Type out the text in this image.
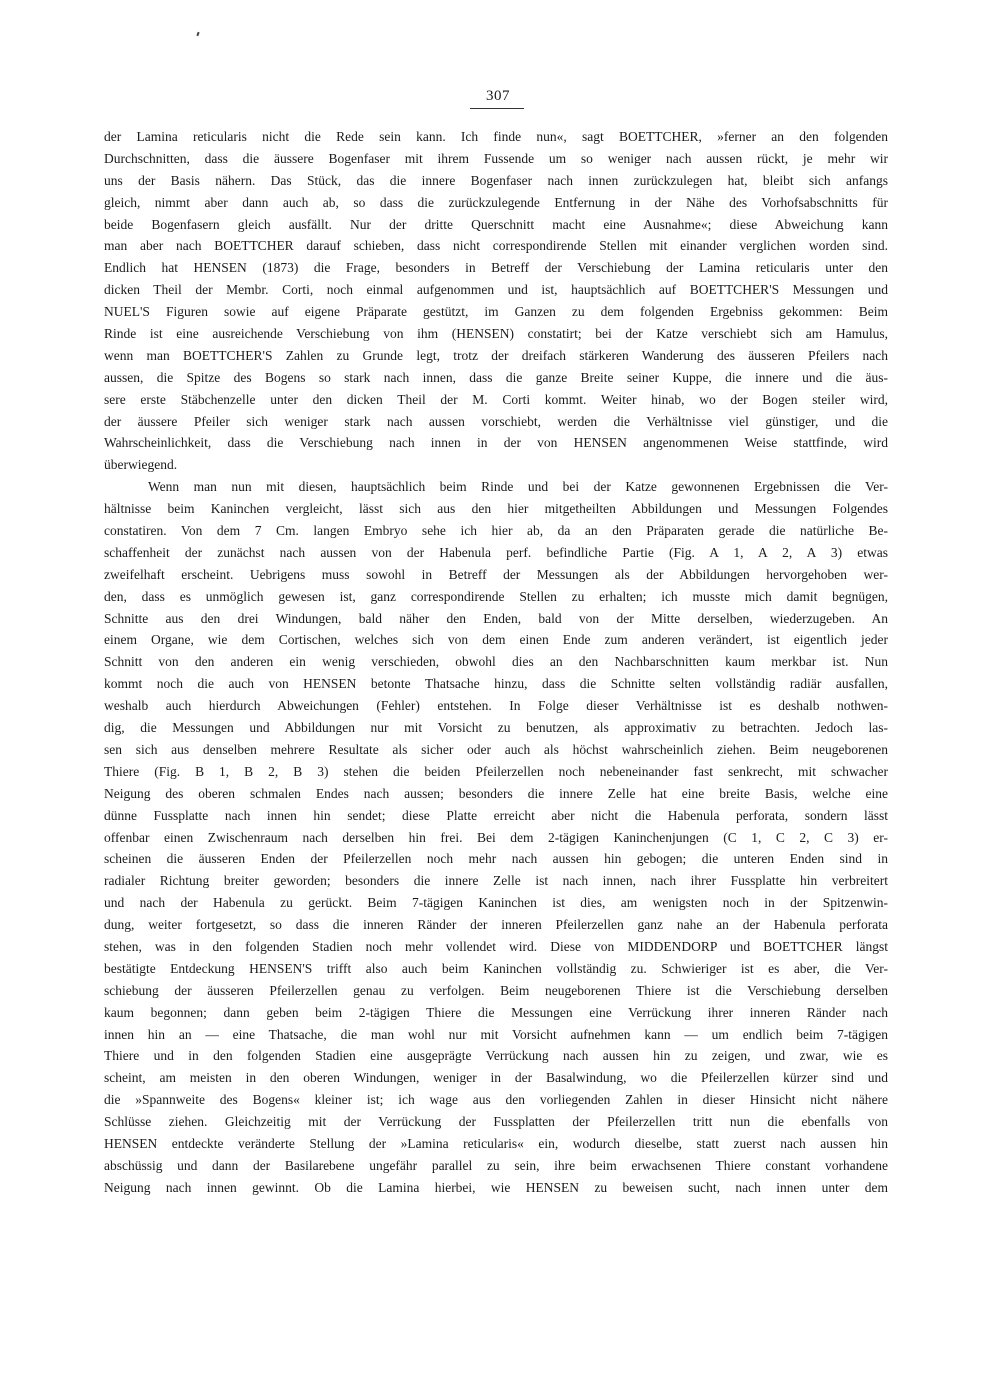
307
der Lamina reticularis nicht die Rede sein kann. Ich finde nun«, sagt BOETTCHER, »ferner an den folgenden
Durchschnitten, dass die äussere Bogenfaser mit ihrem Fussende um so weniger nach aussen rückt, je mehr wir
uns der Basis nähern. Das Stück, das die innere Bogenfaser nach innen zurückzulegen hat, bleibt sich anfangs
gleich, nimmt aber dann auch ab, so dass die zurückzulegende Entfernung in der Nähe des Vorhofsabschnitts für
beide Bogenfasern gleich ausfällt. Nur der dritte Querschnitt macht eine Ausnahme«; diese Abweichung kann
man aber nach BOETTCHER darauf schieben, dass nicht correspondirende Stellen mit einander verglichen worden sind.
Endlich hat HENSEN (1873) die Frage, besonders in Betreff der Verschiebung der Lamina reticularis unter den
dicken Theil der Membr. Corti, noch einmal aufgenommen und ist, hauptsächlich auf BOETTCHER'S Messungen und
NUEL'S Figuren sowie auf eigene Präparate gestützt, im Ganzen zu dem folgenden Ergebniss gekommen: Beim
Rinde ist eine ausreichende Verschiebung von ihm (HENSEN) constatirt; bei der Katze verschiebt sich am Hamulus,
wenn man BOETTCHER'S Zahlen zu Grunde legt, trotz der dreifach stärkeren Wanderung des äusseren Pfeilers nach
aussen, die Spitze des Bogens so stark nach innen, dass die ganze Breite seiner Kuppe, die innere und die äus-
sere erste Stäbchenzelle unter den dicken Theil der M. Corti kommt. Weiter hinab, wo der Bogen steiler wird,
der äussere Pfeiler sich weniger stark nach aussen vorschiebt, werden die Verhältnisse viel günstiger, und die
Wahrscheinlichkeit, dass die Verschiebung nach innen in der von HENSEN angenommenen Weise stattfinde, wird
überwiegend.
Wenn man nun mit diesen, hauptsächlich beim Rinde und bei der Katze gewonnenen Ergebnissen die Ver-
hältnisse beim Kaninchen vergleicht, lässt sich aus den hier mitgetheilten Abbildungen und Messungen Folgendes
constatiren. Von dem 7 Cm. langen Embryo sehe ich hier ab, da an den Präparaten gerade die natürliche Be-
schaffenheit der zunächst nach aussen von der Habenula perf. befindliche Partie (Fig. A 1, A 2, A 3) etwas
zweifelhaft erscheint. Uebrigens muss sowohl in Betreff der Messungen als der Abbildungen hervorgehoben wer-
den, dass es unmöglich gewesen ist, ganz correspondirende Stellen zu erhalten; ich musste mich damit begnügen,
Schnitte aus den drei Windungen, bald näher den Enden, bald von der Mitte derselben, wiederzugeben. An
einem Organe, wie dem Cortischen, welches sich von dem einen Ende zum anderen verändert, ist eigentlich jeder
Schnitt von den anderen ein wenig verschieden, obwohl dies an den Nachbarschnitten kaum merkbar ist. Nun
kommt noch die auch von HENSEN betonte Thatsache hinzu, dass die Schnitte selten vollständig radiär ausfallen,
weshalb auch hierdurch Abweichungen (Fehler) entstehen. In Folge dieser Verhältnisse ist es deshalb nothwen-
dig, die Messungen und Abbildungen nur mit Vorsicht zu benutzen, als approximativ zu betrachten. Jedoch las-
sen sich aus denselben mehrere Resultate als sicher oder auch als höchst wahrscheinlich ziehen. Beim neugeborenen
Thiere (Fig. B 1, B 2, B 3) stehen die beiden Pfeilerzellen noch nebeneinander fast senkrecht, mit schwacher
Neigung des oberen schmalen Endes nach aussen; besonders die innere Zelle hat eine breite Basis, welche eine
dünne Fussplatte nach innen hin sendet; diese Platte erreicht aber nicht die Habenula perforata, sondern lässt
offenbar einen Zwischenraum nach derselben hin frei. Bei dem 2-tägigen Kaninchenjungen (C 1, C 2, C 3) er-
scheinen die äusseren Enden der Pfeilerzellen noch mehr nach aussen hin gebogen; die unteren Enden sind in
radialer Richtung breiter geworden; besonders die innere Zelle ist nach innen, nach ihrer Fussplatte hin verbreitert
und nach der Habenula zu gerückt. Beim 7-tägigen Kaninchen ist dies, am wenigsten noch in der Spitzenwin-
dung, weiter fortgesetzt, so dass die inneren Ränder der inneren Pfeilerzellen ganz nahe an der Habenula perforata
stehen, was in den folgenden Stadien noch mehr vollendet wird. Diese von MIDDENDORP und BOETTCHER längst
bestätigte Entdeckung HENSEN'S trifft also auch beim Kaninchen vollständig zu. Schwieriger ist es aber, die Ver-
schiebung der äusseren Pfeilerzellen genau zu verfolgen. Beim neugeborenen Thiere ist die Verschiebung derselben
kaum begonnen; dann geben beim 2-tägigen Thiere die Messungen eine Verrückung ihrer inneren Ränder nach
innen hin an — eine Thatsache, die man wohl nur mit Vorsicht aufnehmen kann — um endlich beim 7-tägigen
Thiere und in den folgenden Stadien eine ausgeprägte Verrückung nach aussen hin zu zeigen, und zwar, wie es
scheint, am meisten in den oberen Windungen, weniger in der Basalwindung, wo die Pfeilerzellen kürzer sind und
die »Spannweite des Bogens« kleiner ist; ich wage aus den vorliegenden Zahlen in dieser Hinsicht nicht nähere
Schlüsse ziehen. Gleichzeitig mit der Verrückung der Fussplatten der Pfeilerzellen tritt nun die ebenfalls von
HENSEN entdeckte veränderte Stellung der »Lamina reticularis« ein, wodurch dieselbe, statt zuerst nach aussen hin
abschüssig und dann der Basilarebene ungefähr parallel zu sein, ihre beim erwachsenen Thiere constant vorhandene
Neigung nach innen gewinnt. Ob die Lamina hierbei, wie HENSEN zu beweisen sucht, nach innen unter dem
